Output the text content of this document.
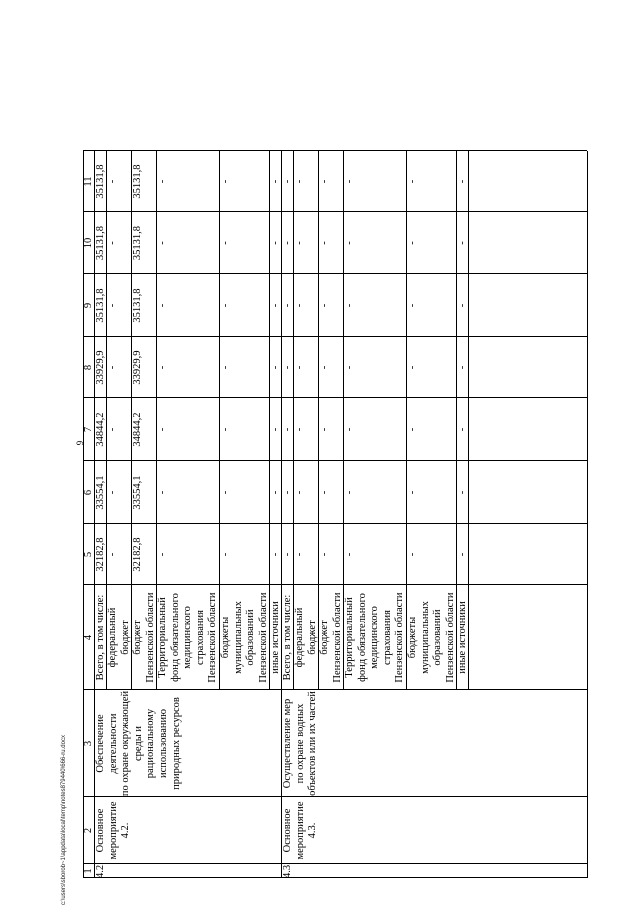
9
c:\users\sborob~1\appdata\local\temp\notes879440\666-ru.docx 1
2
3
4
5
6
7
8
9
10
11
Всего, в том числе:
32182,8
33554,1
34844,2
33929,9
35131,8
35131,8
35131,8
федеральный
бюджет
-
-
-
-
-
-
-
бюджет
Пензенской области
32182,8
33554,1
34844,2
33929,9
35131,8
35131,8
35131,8
Территориальный
фонд обязательного
медицинского
страхования
Пензенской области
-
-
-
-
-
-
-
бюджеты
муниципальных
образований
Пензенской области
-
-
-
-
-
-
-
иные источники
-
-
-
-
-
-
-
4.2.
Основное
мероприятие 4.2.
Обеспечение
деятельности
по охране окружающей
среды и рациональному
использованию
природных ресурсов
Всего, в том числе:
-
-
-
-
-
-
-
федеральный
бюджет
-
-
-
-
-
-
-
бюджет
Пензенской области
-
-
-
-
-
-
-
Территориальный
фонд обязательного
медицинского
страхования
Пензенской области
-
-
-
-
-
-
-
бюджеты
муниципальных
образований
Пензенской области
-
-
-
-
-
-
-
иные источники
-
-
-
-
-
-
-
4.3.
Основное
мероприятие 4.3.
Осуществление мер
по охране водных
объектов или их частей
